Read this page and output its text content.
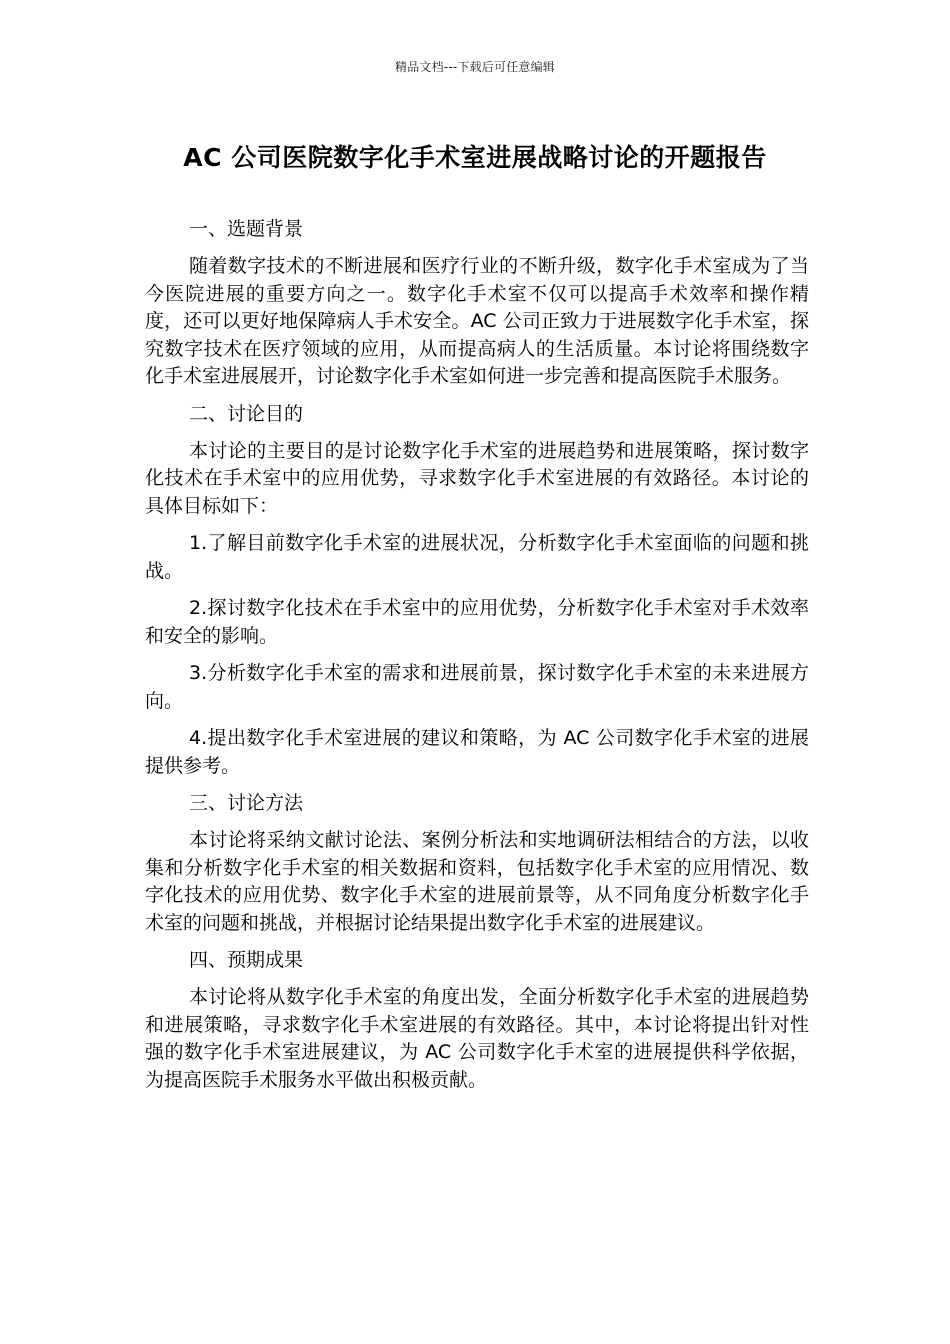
精品文档---下载后可任意编辑
AC 公司医院数字化手术室进展战略讨论的开题报告
一、选题背景

随着数字技术的不断进展和医疗行业的不断升级，数字化手术室成为了当今医院进展的重要方向之一。数字化手术室不仅可以提高手术效率和操作精度，还可以更好地保障病人手术安全。AC 公司正致力于进展数字化手术室，探究数字技术在医疗领域的应用，从而提高病人的生活质量。本讨论将围绕数字化手术室进展展开，讨论数字化手术室如何进一步完善和提高医院手术服务。

二、讨论目的

本讨论的主要目的是讨论数字化手术室的进展趋势和进展策略，探讨数字化技术在手术室中的应用优势，寻求数字化手术室进展的有效路径。本讨论的具体目标如下：

1.了解目前数字化手术室的进展状况，分析数字化手术室面临的问题和挑战。

2.探讨数字化技术在手术室中的应用优势，分析数字化手术室对手术效率和安全的影响。

3.分析数字化手术室的需求和进展前景，探讨数字化手术室的未来进展方向。

4.提出数字化手术室进展的建议和策略，为 AC 公司数字化手术室的进展提供参考。

三、讨论方法

本讨论将采纳文献讨论法、案例分析法和实地调研法相结合的方法，以收集和分析数字化手术室的相关数据和资料，包括数字化手术室的应用情况、数字化技术的应用优势、数字化手术室的进展前景等，从不同角度分析数字化手术室的问题和挑战，并根据讨论结果提出数字化手术室的进展建议。

四、预期成果

本讨论将从数字化手术室的角度出发，全面分析数字化手术室的进展趋势和进展策略，寻求数字化手术室进展的有效路径。其中，本讨论将提出针对性强的数字化手术室进展建议，为 AC 公司数字化手术室的进展提供科学依据，为提高医院手术服务水平做出积极贡献。
